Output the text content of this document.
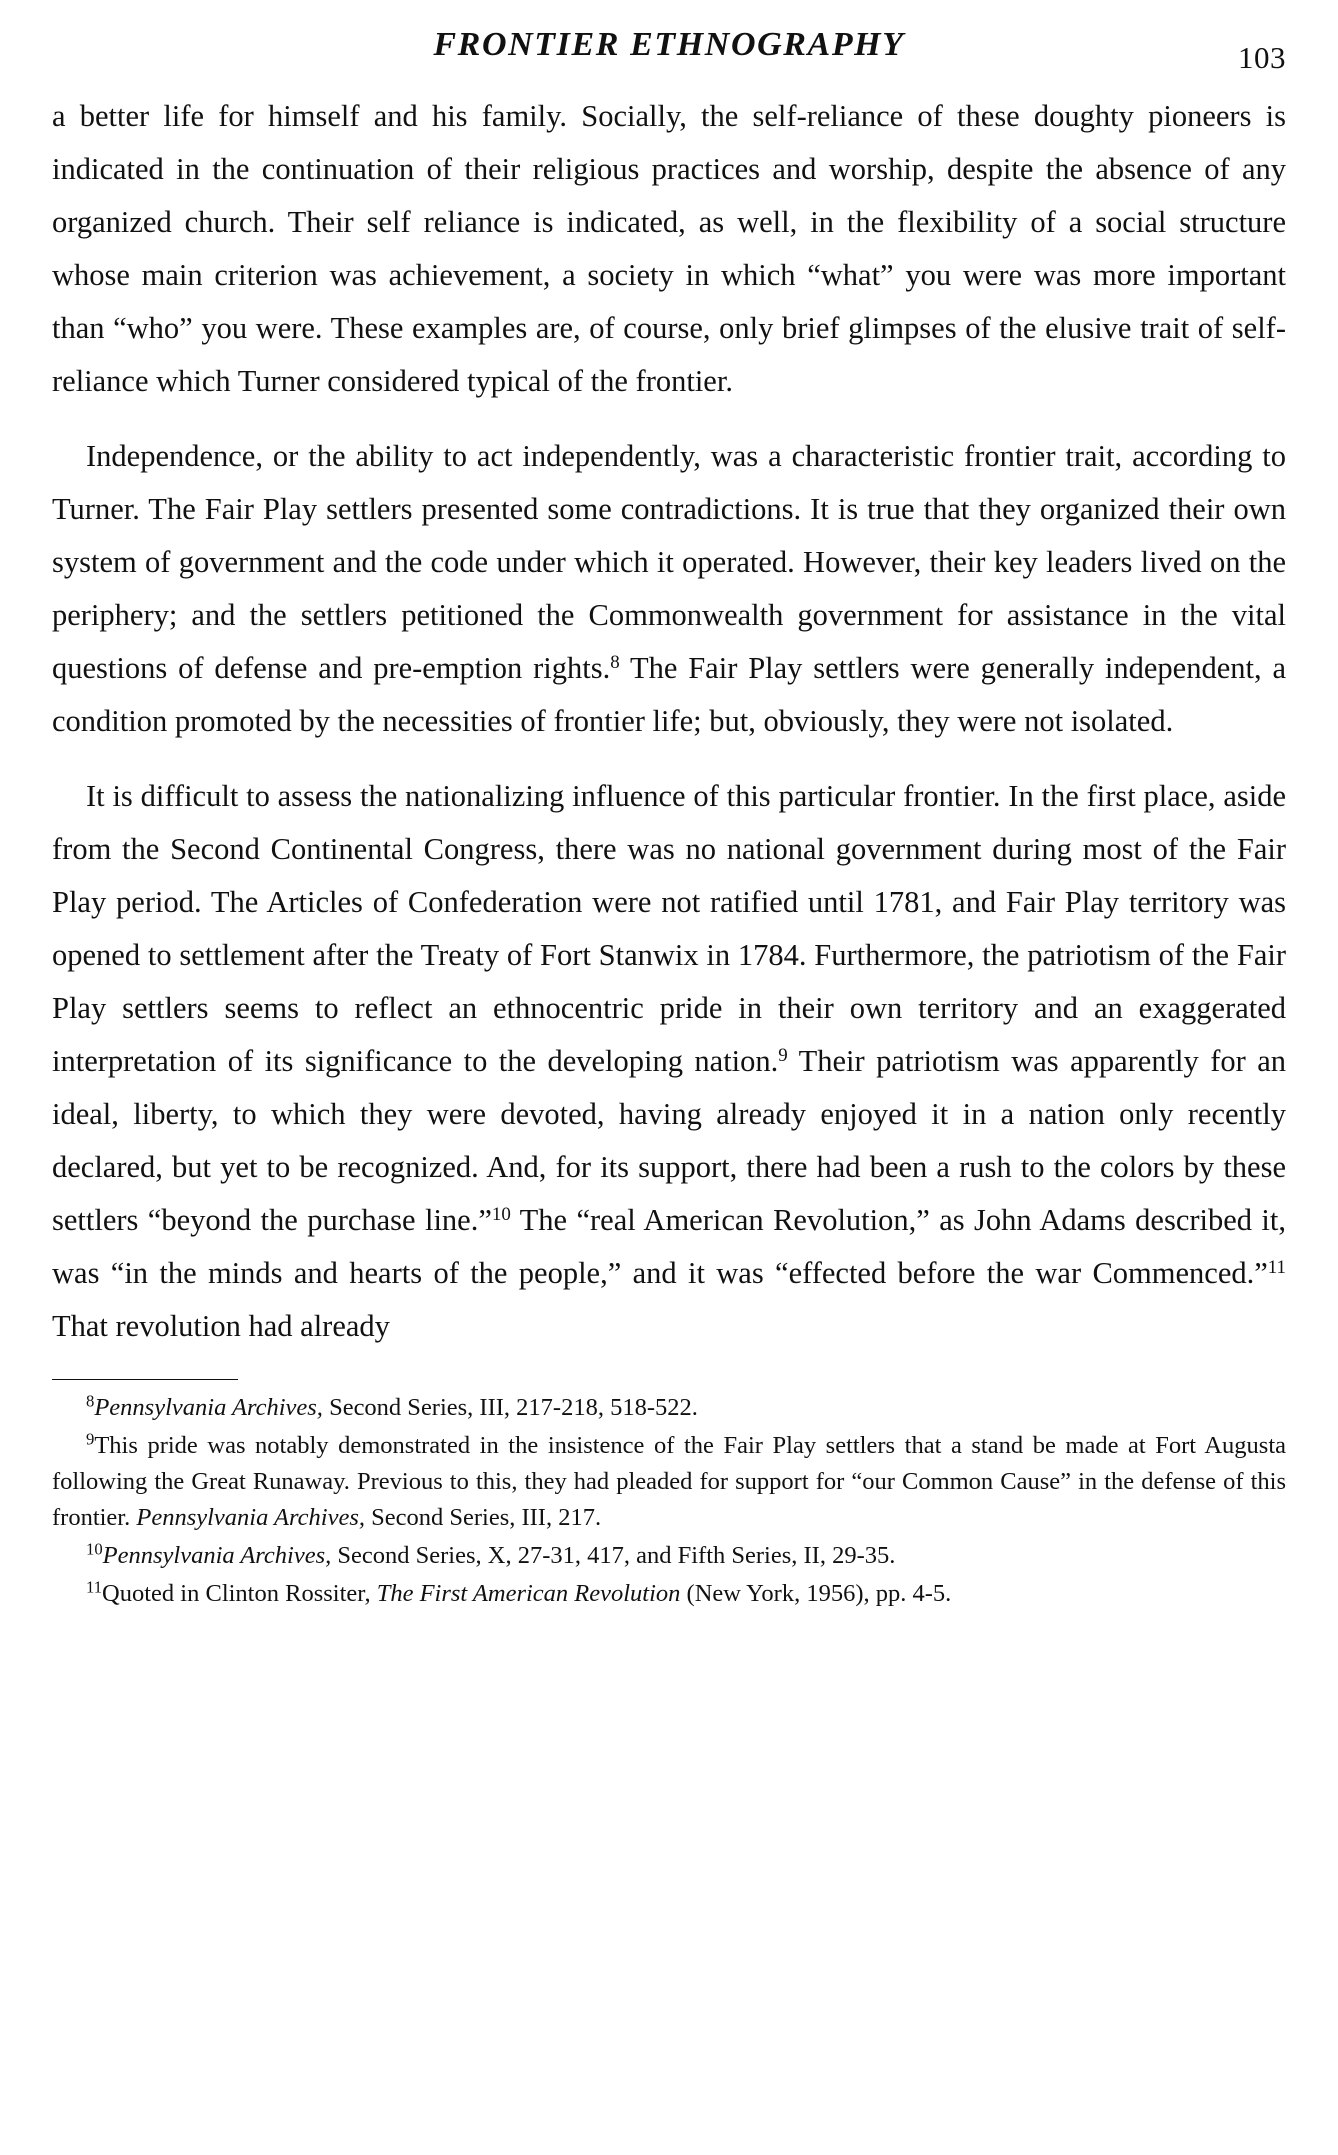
FRONTIER ETHNOGRAPHY	103

a better life for himself and his family. Socially, the self-reliance of these doughty pioneers is indicated in the continuation of their religious practices and worship, despite the absence of any organized church. Their self reliance is indicated, as well, in the flexibility of a social structure whose main criterion was achievement, a society in which “what” you were was more important than “who” you were. These examples are, of course, only brief glimpses of the elusive trait of self-reliance which Turner considered typical of the frontier.

Independence, or the ability to act independently, was a characteristic frontier trait, according to Turner. The Fair Play settlers presented some contradictions. It is true that they organized their own system of government and the code under which it operated. However, their key leaders lived on the periphery; and the settlers petitioned the Commonwealth government for assistance in the vital questions of defense and pre-emption rights.$^8$ The Fair Play settlers were generally independent, a condition promoted by the necessities of frontier life; but, obviously, they were not isolated.

It is difficult to assess the nationalizing influence of this particular frontier. In the first place, aside from the Second Continental Congress, there was no national government during most of the Fair Play period. The Articles of Confederation were not ratified until 1781, and Fair Play territory was opened to settlement after the Treaty of Fort Stanwix in 1784. Furthermore, the patriotism of the Fair Play settlers seems to reflect an ethnocentric pride in their own territory and an exaggerated interpretation of its significance to the developing nation.$^9$ Their patriotism was apparently for an ideal, liberty, to which they were devoted, having already enjoyed it in a nation only recently declared, but yet to be recognized. And, for its support, there had been a rush to the colors by these settlers “beyond the purchase line.”$^{10}$ The “real American Revolution,” as John Adams described it, was “in the minds and hearts of the people,” and it was “effected before the war Commenced.”$^{11}$ That revolution had already

$^8$Pennsylvania Archives, Second Series, III, 217-218, 518-522.

$^9$This pride was notably demonstrated in the insistence of the Fair Play settlers that a stand be made at Fort Augusta following the Great Runaway. Previous to this, they had pleaded for support for “our Common Cause” in the defense of this frontier. Pennsylvania Archives, Second Series, III, 217.

$^{10}$Pennsylvania Archives, Second Series, X, 27-31, 417, and Fifth Series, II, 29-35.

$^{11}$Quoted in Clinton Rossiter, The First American Revolution (New York, 1956), pp. 4-5.
